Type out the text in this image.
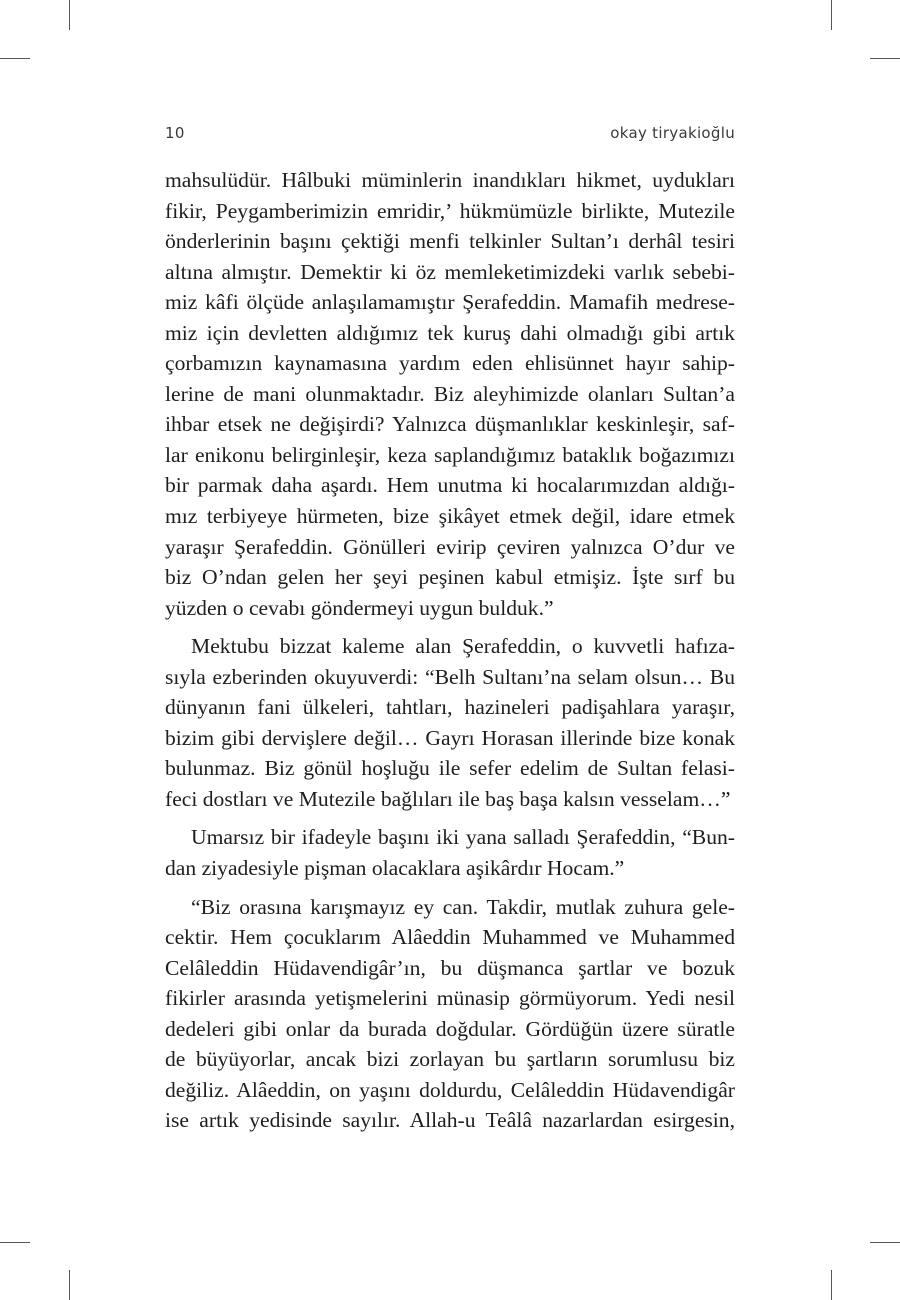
10	okay tiryakioğlu

mahsulüdür. Hâlbuki müminlerin inandıkları hikmet, uydukları

fikir, Peygamberimizin emridir,’ hükmümüzle birlikte, Mutezile

önderlerinin başını çektiği menfi telkinler Sultan’ı derhâl tesiri

altına almıştır. Demektir ki öz memleketimizdeki varlık sebebi-

miz kâfi ölçüde anlaşılamamıştır Şerafeddin. Mamafih medrese-

miz için devletten aldığımız tek kuruş dahi olmadığı gibi artık

çorbamızın kaynamasına yardım eden ehlisünnet hayır sahip-

lerine de mani olunmaktadır. Biz aleyhimizde olanları Sultan’a

ihbar etsek ne değişirdi? Yalnızca düşmanlıklar keskinleşir, saf-

lar enikonu belirginleşir, keza saplandığımız bataklık boğazımızı

bir parmak daha aşardı. Hem unutma ki hocalarımızdan aldığı-

mız terbiyeye hürmeten, bize şikâyet etmek değil, idare etmek

yaraşır Şerafeddin. Gönülleri evirip çeviren yalnızca O’dur ve

biz O’ndan gelen her şeyi peşinen kabul etmişiz. İşte sırf bu

yüzden o cevabı göndermeyi uygun bulduk.”

Mektubu bizzat kaleme alan Şerafeddin, o kuvvetli hafıza-

sıyla ezberinden okuyuverdi: “Belh Sultanı’na selam olsun… Bu

dünyanın fani ülkeleri, tahtları, hazineleri padişahlara yaraşır,

bizim gibi dervişlere değil… Gayrı Horasan illerinde bize konak

bulunmaz. Biz gönül hoşluğu ile sefer edelim de Sultan felasi-

feci dostları ve Mutezile bağlıları ile baş başa kalsın vesselam…”

Umarsız bir ifadeyle başını iki yana salladı Şerafeddin, “Bun-

dan ziyadesiyle pişman olacaklara aşikârdır Hocam.”

“Biz orasına karışmayız ey can. Takdir, mutlak zuhura gele-

cektir. Hem çocuklarım Alâeddin Muhammed ve Muhammed

Celâleddin Hüdavendigâr’ın, bu düşmanca şartlar ve bozuk

fikirler arasında yetişmelerini münasip görmüyorum. Yedi nesil

dedeleri gibi onlar da burada doğdular. Gördüğün üzere süratle

de büyüyorlar, ancak bizi zorlayan bu şartların sorumlusu biz

değiliz. Alâeddin, on yaşını doldurdu, Celâleddin Hüdavendigâr

ise artık yedisinde sayılır. Allah-u Teâlâ nazarlardan esirgesin,
